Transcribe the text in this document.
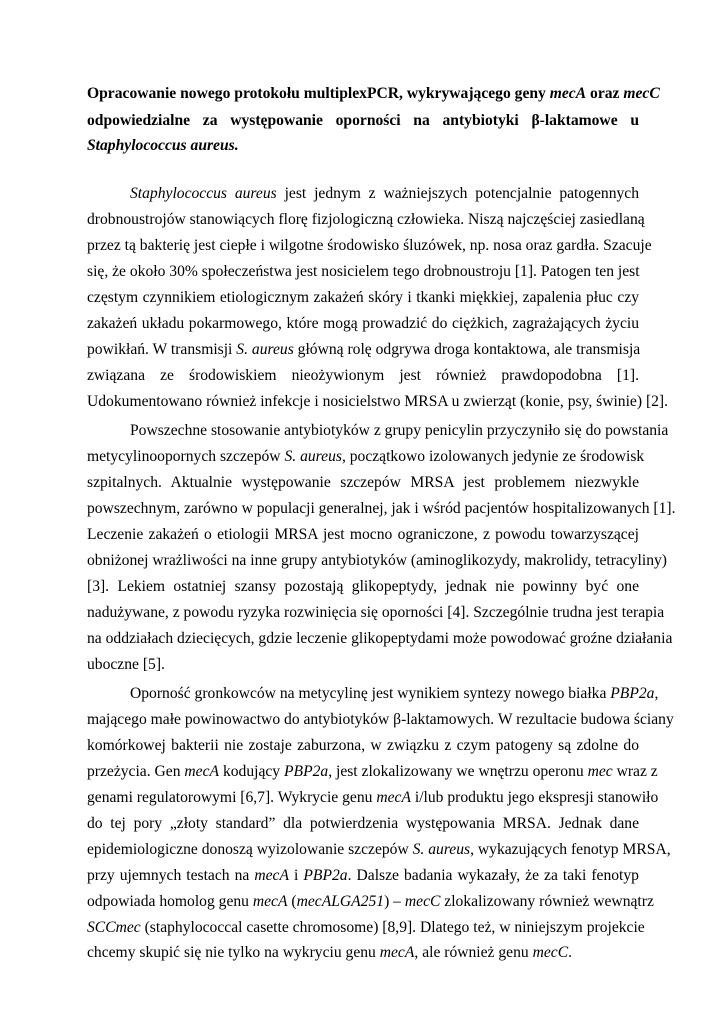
Opracowanie nowego protokołu multiplexPCR, wykrywającego geny mecA oraz mecC
odpowiedzialne za występowanie oporności na antybiotyki β-laktamowe u
Staphylococcus aureus.
Staphylococcus aureus jest jednym z ważniejszych potencjalnie patogennych
drobnoustrojów stanowiących florę fizjologiczną człowieka. Niszą najczęściej zasiedlaną
przez tą bakterię jest ciepłe i wilgotne środowisko śluzówek, np. nosa oraz gardła. Szacuje
się, że około 30% społeczeństwa jest nosicielem tego drobnoustroju [1]. Patogen ten jest
częstym czynnikiem etiologicznym zakażeń skóry i tkanki miękkiej, zapalenia płuc czy
zakażeń układu pokarmowego, które mogą prowadzić do ciężkich, zagrażających życiu
powikłań. W transmisji S. aureus główną rolę odgrywa droga kontaktowa, ale transmisja
związana ze środowiskiem nieożywionym jest również prawdopodobna [1].
Udokumentowano również infekcje i nosicielstwo MRSA u zwierząt (konie, psy, świnie) [2].
Powszechne stosowanie antybiotyków z grupy penicylin przyczyniło się do powstania
metycylinoopornych szczepów S. aureus, początkowo izolowanych jedynie ze środowisk
szpitalnych. Aktualnie występowanie szczepów MRSA jest problemem niezwykle
powszechnym, zarówno w populacji generalnej, jak i wśród pacjentów hospitalizowanych [1].
Leczenie zakażeń o etiologii MRSA jest mocno ograniczone, z powodu towarzyszącej
obniżonej wrażliwości na inne grupy antybiotyków (aminoglikozydy, makrolidy, tetracyliny)
[3]. Lekiem ostatniej szansy pozostają glikopeptydy, jednak nie powinny być one
nadużywane, z powodu ryzyka rozwinięcia się oporności [4]. Szczególnie trudna jest terapia
na oddziałach dziecięcych, gdzie leczenie glikopeptydami może powodować groźne działania
uboczne [5].
Oporność gronkowców na metycylinę jest wynikiem syntezy nowego białka PBP2a,
mającego małe powinowactwo do antybiotyków β-laktamowych. W rezultacie budowa ściany
komórkowej bakterii nie zostaje zaburzona, w związku z czym patogeny są zdolne do
przeżycia. Gen mecA kodujący PBP2a, jest zlokalizowany we wnętrzu operonu mec wraz z
genami regulatorowymi [6,7]. Wykrycie genu mecA i/lub produktu jego ekspresji stanowiło
do tej pory „złoty standard” dla potwierdzenia występowania MRSA. Jednak dane
epidemiologiczne donoszą wyizolowanie szczepów S. aureus, wykazujących fenotyp MRSA,
przy ujemnych testach na mecA i PBP2a. Dalsze badania wykazały, że za taki fenotyp
odpowiada homolog genu mecA (mecALGA251) – mecC zlokalizowany również wewnątrz
SCCmec (staphylococcal casette chromosome) [8,9]. Dlatego też, w niniejszym projekcie
chcemy skupić się nie tylko na wykryciu genu mecA, ale również genu mecC.
